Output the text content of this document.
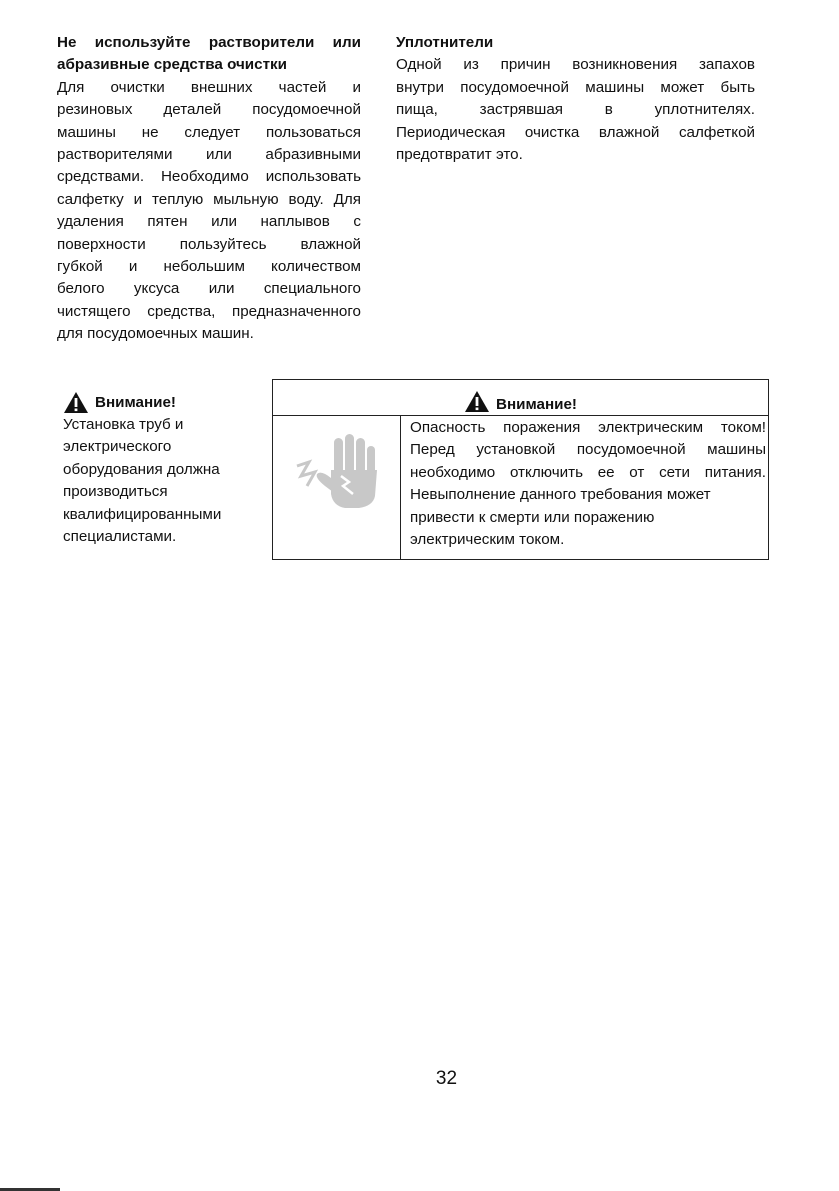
Не используйте растворители или
абразивные средства очистки
Для очистки внешних частей и
резиновых деталей посудомоечной
машины не следует пользоваться
растворителями или абразивными
средствами. Необходимо использовать
салфетку и теплую мыльную воду. Для
удаления пятен или наплывов с
поверхности пользуйтесь влажной
губкой и небольшим количеством
белого уксуса или специального
чистящего средства, предназначенного
для посудомоечных машин.
Уплотнители
Одной из причин возникновения запахов
внутри посудомоечной машины может быть
пища, застрявшая в уплотнителях.
Периодическая очистка влажной салфеткой
предотвратит это.
Внимание!
Установка труб и
электрического
оборудования должна
производиться
квалифицированными
специалистами.
Внимание!

Опасность поражения электрическим током!

Перед установкой посудомоечной машины

необходимо отключить ее от сети питания.

Невыполнение данного требования может

привести к смерти или поражению

электрическим током.

32
